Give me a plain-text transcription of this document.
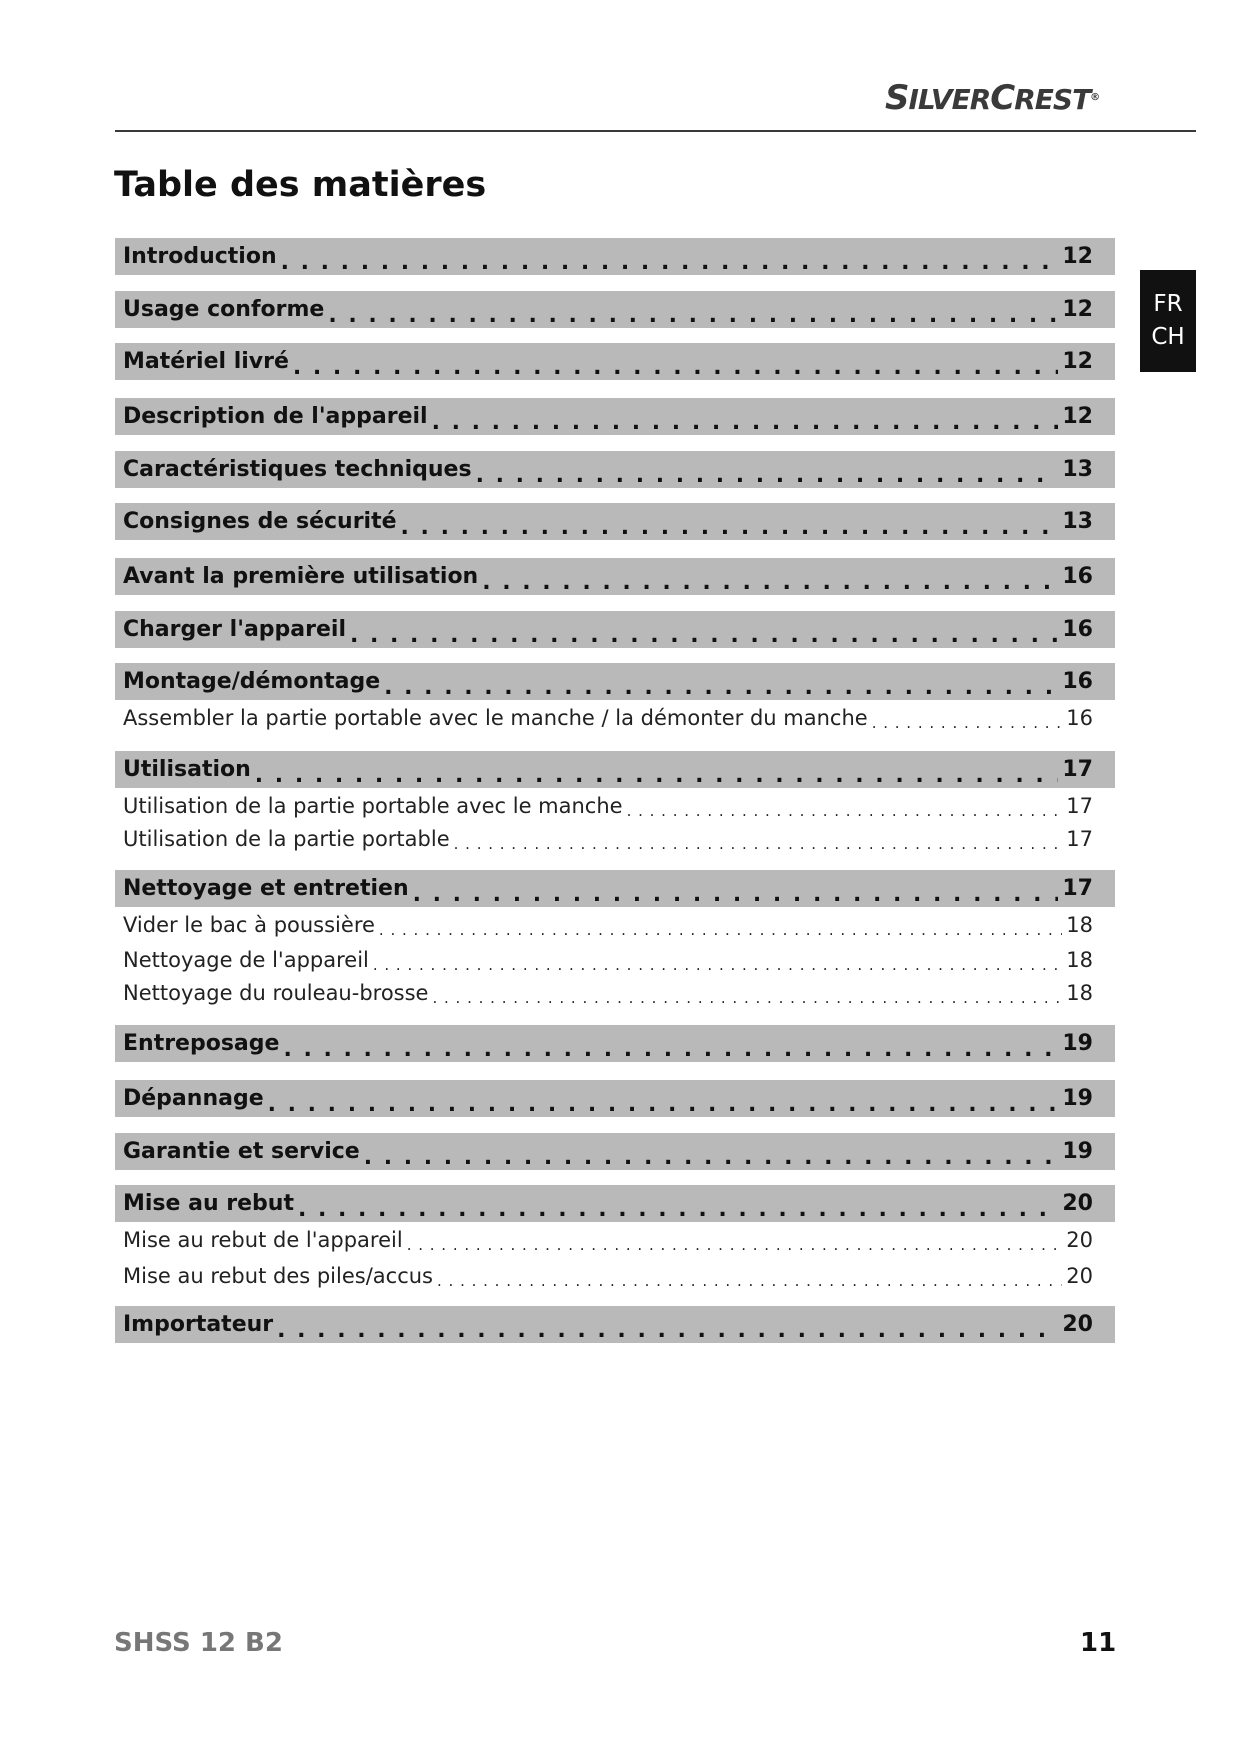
SILVERCREST®
Table des matières
FR
CH
Introduction . . .	12
Usage conforme . . .	12
Matériel livré . . .	12
Description de l'appareil . . .	12
Caractéristiques techniques . . .	13
Consignes de sécurité . . .	13
Avant la première utilisation . . .	16
Charger l'appareil . . .	16
Montage/démontage . . .	16
Assembler la partie portable avec le manche / la démonter du manche . . .	16
Utilisation . . .	17
Utilisation de la partie portable avec le manche . . .	17
Utilisation de la partie portable . . .	17
Nettoyage et entretien . . .	17
Vider le bac à poussière . . .	18
Nettoyage de l'appareil . . .	18
Nettoyage du rouleau-brosse . . .	18
Entreposage . . .	19
Dépannage . . .	19
Garantie et service . . .	19
Mise au rebut . . .	20
Mise au rebut de l'appareil . . .	20
Mise au rebut des piles/accus . . .	20
Importateur . . .	20

SHSS 12 B2	11
